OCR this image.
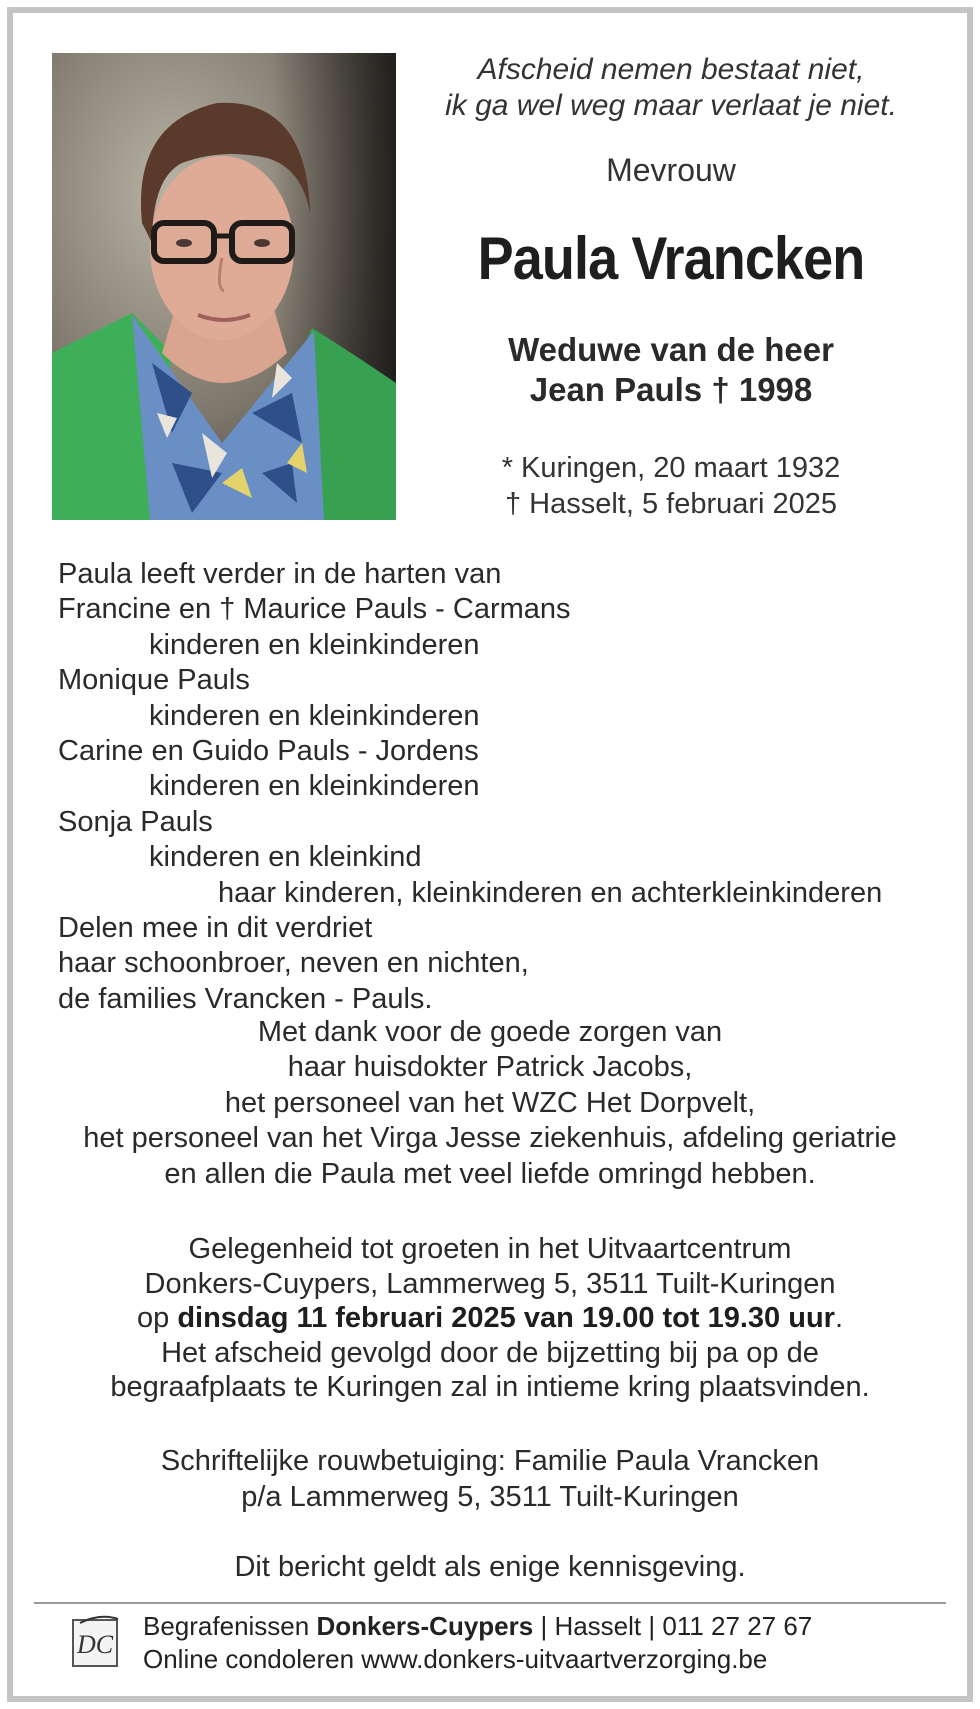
Afscheid nemen bestaat niet,
ik ga wel weg maar verlaat je niet.
Mevrouw
Paula Vrancken
Weduwe van de heer
Jean Pauls † 1998
* Kuringen, 20 maart 1932
† Hasselt, 5 februari 2025
Paula leeft verder in de harten van
Francine en † Maurice Pauls - Carmans
kinderen en kleinkinderen
Monique Pauls
kinderen en kleinkinderen
Carine en Guido Pauls - Jordens
kinderen en kleinkinderen
Sonja Pauls
kinderen en kleinkind
haar kinderen, kleinkinderen en achterkleinkinderen
Delen mee in dit verdriet
haar schoonbroer, neven en nichten,
de families Vrancken - Pauls.
Met dank voor de goede zorgen van
haar huisdokter Patrick Jacobs,
het personeel van het WZC Het Dorpvelt,
het personeel van het Virga Jesse ziekenhuis, afdeling geriatrie
en allen die Paula met veel liefde omringd hebben.
Gelegenheid tot groeten in het Uitvaartcentrum
Donkers-Cuypers, Lammerweg 5, 3511 Tuilt-Kuringen
op dinsdag 11 februari 2025 van 19.00 tot 19.30 uur.
Het afscheid gevolgd door de bijzetting bij pa op de
begraafplaats te Kuringen zal in intieme kring plaatsvinden.
Schriftelijke rouwbetuiging: Familie Paula Vrancken
p/a Lammerweg 5, 3511 Tuilt-Kuringen
Dit bericht geldt als enige kennisgeving.
DC
Begrafenissen Donkers-Cuypers | Hasselt | 011 27 27 67
Online condoleren www.donkers-uitvaartverzorging.be
